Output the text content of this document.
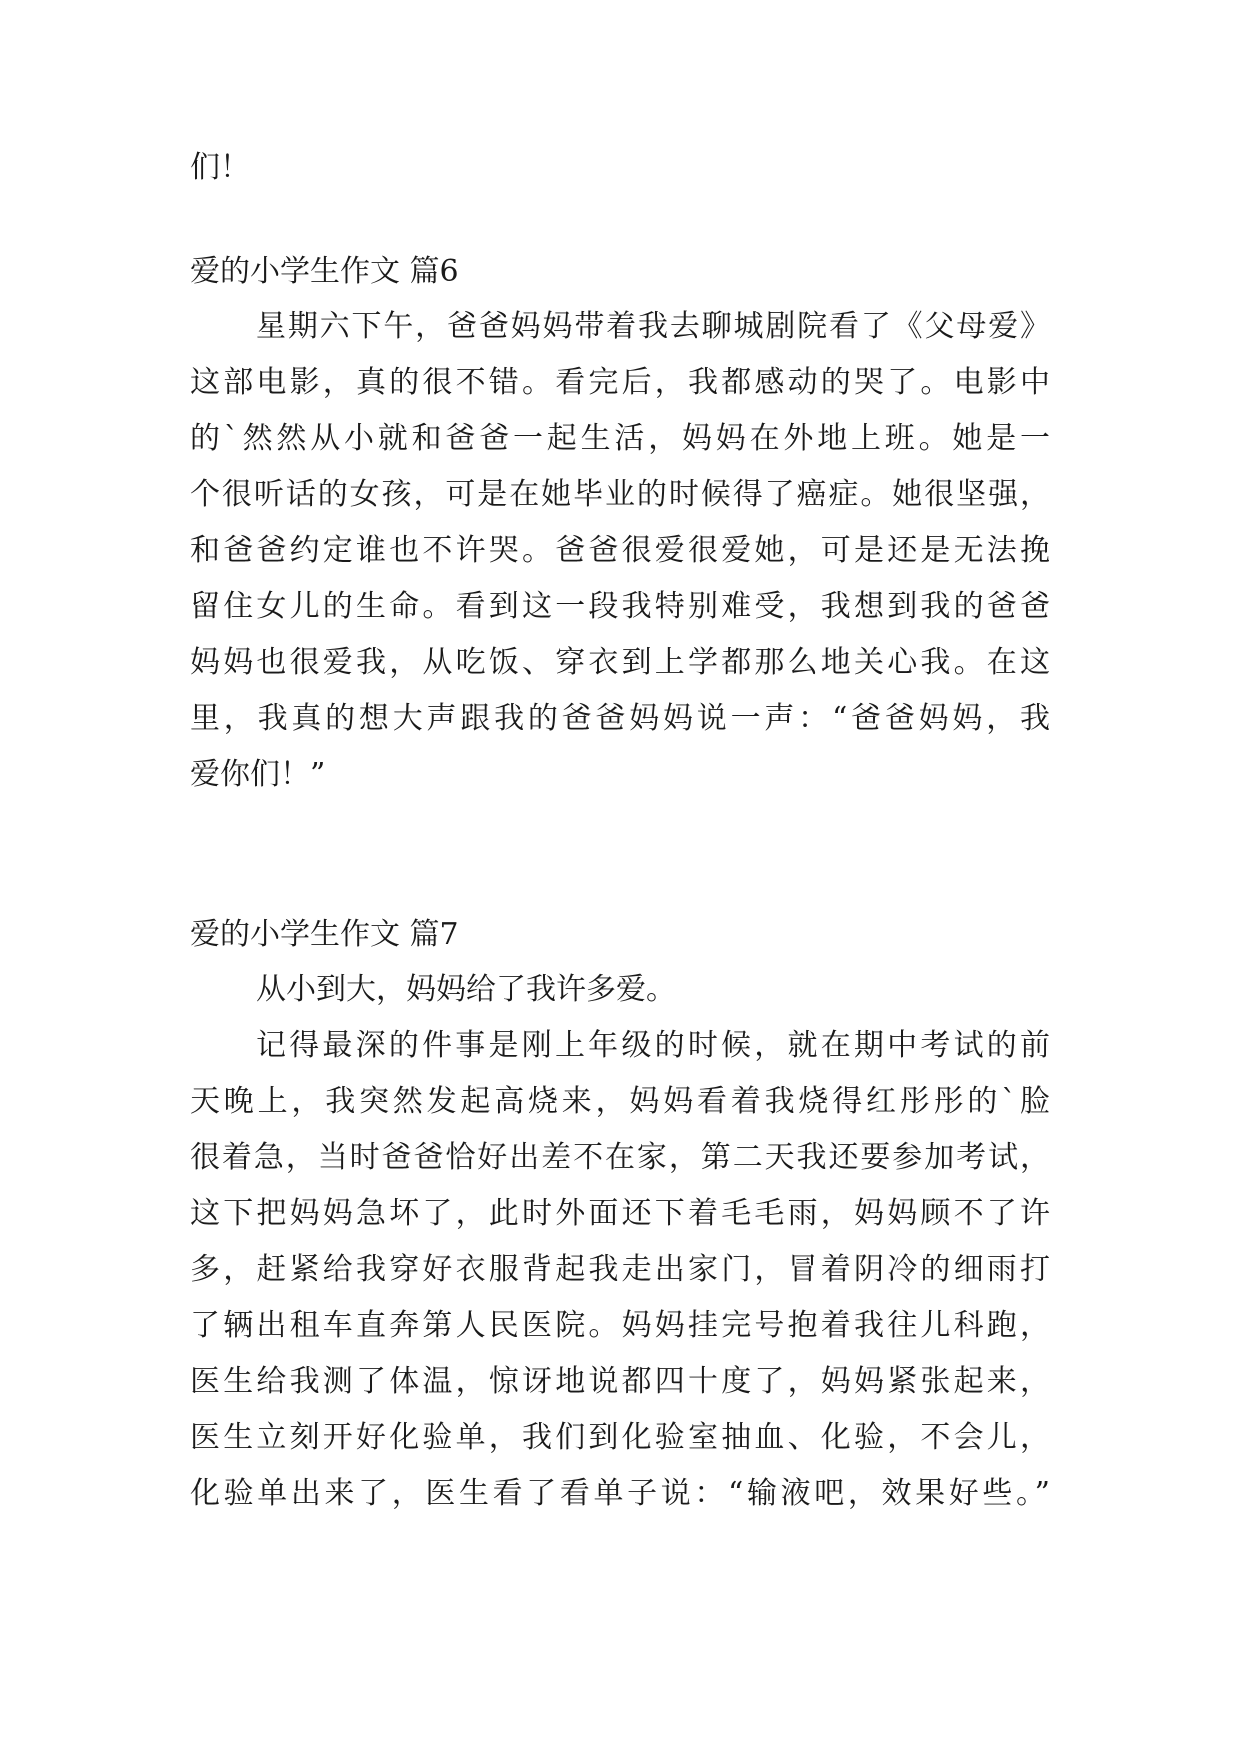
们！
爱的小学生作文 篇6
星期六下午，爸爸妈妈带着我去聊城剧院看了《父母爱》
这部电影，真的很不错。看完后，我都感动的哭了。电影中
的`然然从小就和爸爸一起生活，妈妈在外地上班。她是一
个很听话的女孩，可是在她毕业的时候得了癌症。她很坚强，
和爸爸约定谁也不许哭。爸爸很爱很爱她，可是还是无法挽
留住女儿的生命。看到这一段我特别难受，我想到我的爸爸
妈妈也很爱我，从吃饭、穿衣到上学都那么地关心我。在这
里，我真的想大声跟我的爸爸妈妈说一声：“爸爸妈妈，我
爱你们！”
爱的小学生作文 篇7
从小到大，妈妈给了我许多爱。
记得最深的件事是刚上年级的时候，就在期中考试的前
天晚上，我突然发起高烧来，妈妈看着我烧得红彤彤的`脸
很着急，当时爸爸恰好出差不在家，第二天我还要参加考试，
这下把妈妈急坏了，此时外面还下着毛毛雨，妈妈顾不了许
多，赶紧给我穿好衣服背起我走出家门，冒着阴冷的细雨打
了辆出租车直奔第人民医院。妈妈挂完号抱着我往儿科跑，
医生给我测了体温，惊讶地说都四十度了，妈妈紧张起来，
医生立刻开好化验单，我们到化验室抽血、化验，不会儿，
化验单出来了，医生看了看单子说：“输液吧，效果好些。”
